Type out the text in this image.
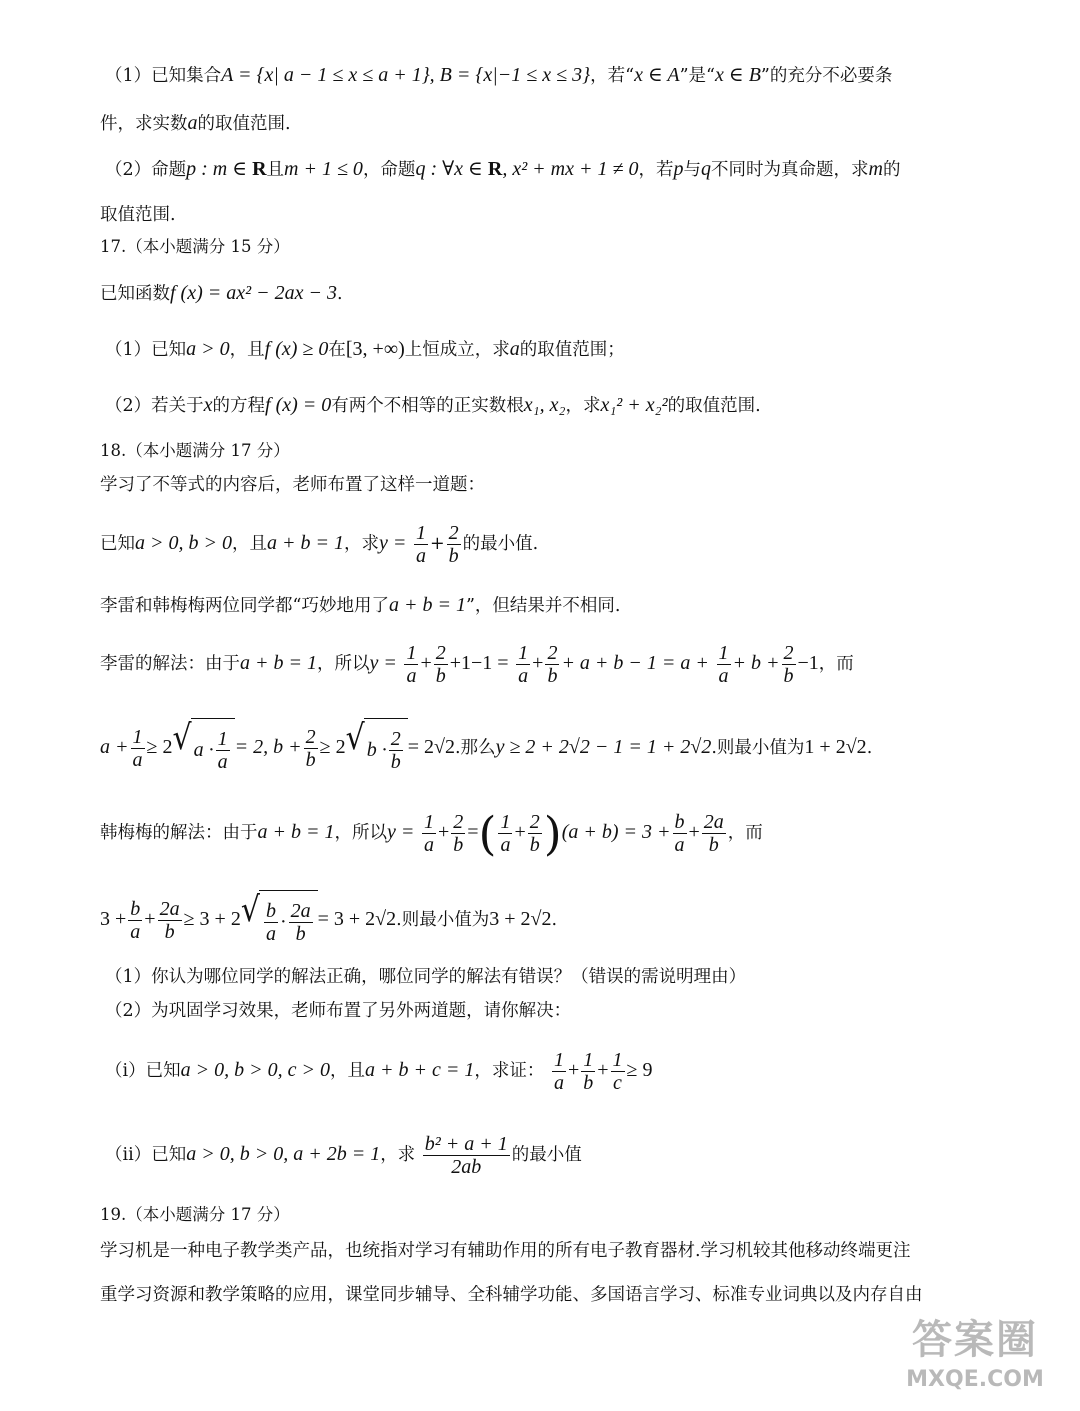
（1）已知集合A = {x| a − 1 ≤ x ≤ a + 1}, B = {x|−1 ≤ x ≤ 3}，若“x ∈ A”是“x ∈ B”的充分不必要条
件，求实数a的取值范围.
（2）命题p : m ∈ R且m + 1 ≤ 0，命题q : ∀x ∈ R, x² + mx + 1 ≠ 0，若p与q不同时为真命题，求m的
取值范围.
17.（本小题满分 15 分）
已知函数f (x) = ax² − 2ax − 3.
（1）已知a > 0，且f (x) ≥ 0在[3, +∞)上恒成立，求a的取值范围；
（2）若关于x的方程f (x) = 0有两个不相等的正实数根x₁, x₂，求x₁² + x₂²的取值范围.
18.（本小题满分 17 分）
学习了不等式的内容后，老师布置了这样一道题：
已知a > 0, b > 0，且a + b = 1，求$y = \frac{1}{a} + \frac{2}{b}$ 的最小值.
李雷和韩梅梅两位同学都“巧妙地用了a + b = 1”，但结果并不相同.
李雷的解法：由于a + b = 1，所以$y = \frac{1}{a} + \frac{2}{b} +1-1 = \frac{1}{a} + \frac{2}{b} + a + b - 1 = a + \frac{1}{a} + b + \frac{2}{b} -1$，而
$a + \frac{1}{a} \ge 2$ √ $a \cdot \frac{1}{a} = 2$, $b + \frac{2}{b} \ge 2$ √ $b \cdot \frac{2}{b} = 2√2$.那么y ≥ 2 + 2√2 − 1 = 1 + 2√2.则最小值为1 + 2√2.
韩梅梅的解法：由于a + b = 1，所以$y = \frac{1}{a} + \frac{2}{b}$ =( $\frac{1}{a} + \frac{2}{b} )(a + b) = 3 + \frac{b}{a} + \frac{2a}{b}$ ，而
$3 + \frac{b}{a} + \frac{2a}{b} \ge 3 + 2$ √ $\frac{b}{a} \cdot \frac{2a}{b} = 3 + 2√2$.则最小值为3 + 2√2.
（1）你认为哪位同学的解法正确，哪位同学的解法有错误？（错误的需说明理由）
（2）为巩固学习效果，老师布置了另外两道题，请你解决：
（i）已知a > 0, b > 0, c > 0，且a + b + c = 1，求证： $\frac{1}{a} + \frac{1}{b} + \frac{1}{c} \ge 9$
（ii）已知a > 0, b > 0, a + 2b = 1，求 $\frac{\text{b² + a + 1}}{2ab}$ 的最小值
19.（本小题满分 17 分）
学习机是一种电子教学类产品，也统指对学习有辅助作用的所有电子教育器材.学习机较其他移动终端更注
重学习资源和教学策略的应用，课堂同步辅导、全科辅学功能、多国语言学习、标准专业词典以及内存自由
答案圈
MXQE.COM
